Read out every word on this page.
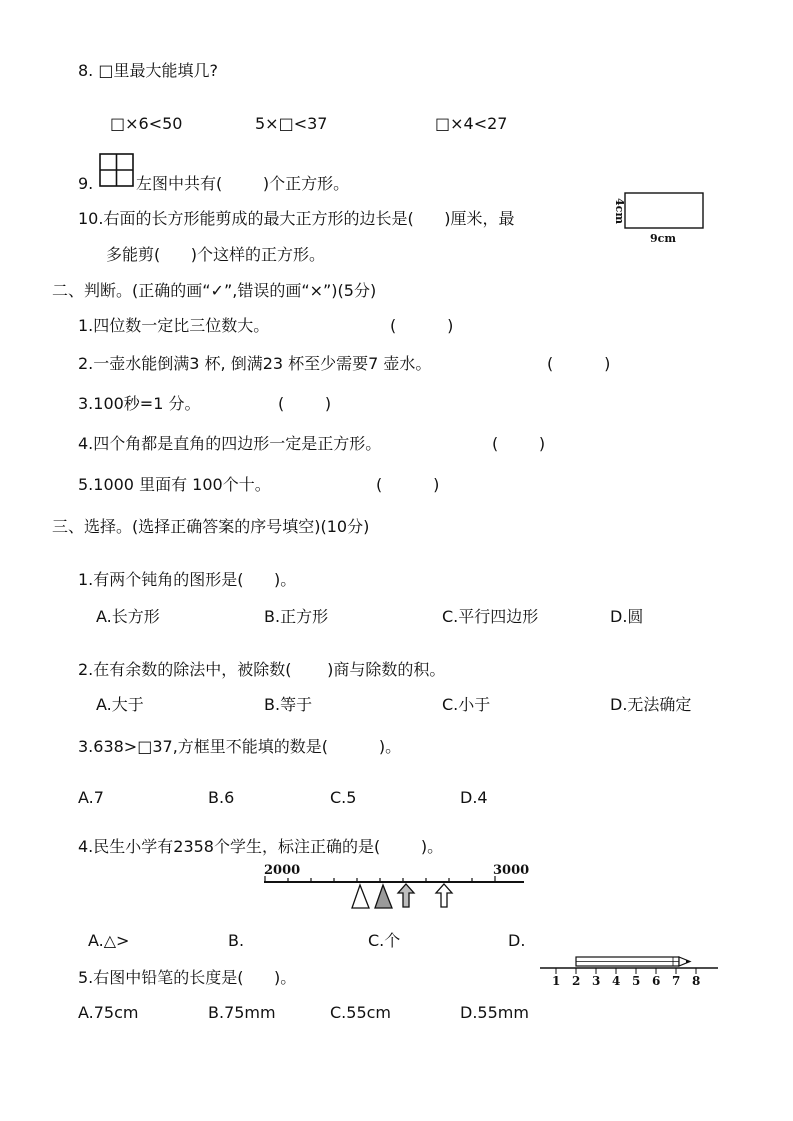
8. □里最大能填几?
□×6<50	5×□<37	□×4<27
9.	左图中共有(        )个正方形。
10.右面的长方形能剪成的最大正方形的边长是(      )厘米，最
多能剪(      )个这样的正方形。
4cm
9cm
二、判断。(正确的画“✓”,错误的画“×”)(5分)
1.四位数一定比三位数大。	(          )
2.一壶水能倒满3 杯, 倒满23 杯至少需要7 壶水。	(          )
3.100秒=1 分。	(        )
4.四个角都是直角的四边形一定是正方形。	(        )
5.1000 里面有 100个十。	(          )
三、选择。(选择正确答案的序号填空)(10分)
1.有两个钝角的图形是(      )。
A.长方形	B.正方形	C.平行四边形	D.圆
2.在有余数的除法中，被除数(       )商与除数的积。
A.大于	B.等于	C.小于	D.无法确定
3.638>□37,方框里不能填的数是(          )。
A.7	B.6	C.5	D.4
4.民生小学有2358个学生，标注正确的是(        )。
2000	3000
A.△>	B.	C.个	D.
5.右图中铅笔的长度是(      )。	1 2 3 4 5 6 7 8
A.75cm	B.75mm	C.55cm	D.55mm
